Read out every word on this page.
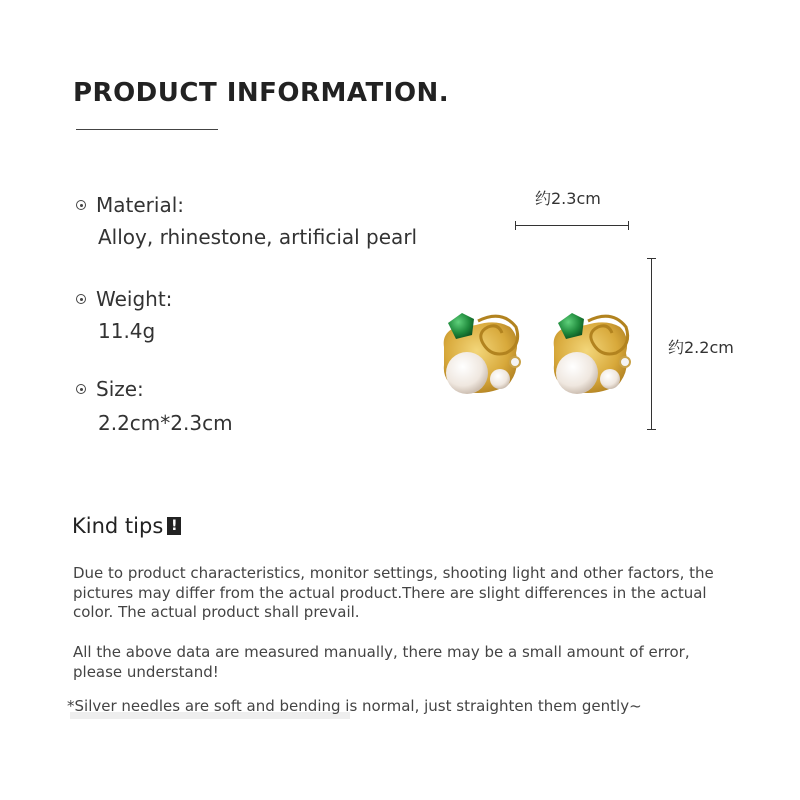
PRODUCT INFORMATION.
Material:
Alloy, rhinestone, artificial pearl
Weight:
11.4g
Size:
2.2cm*2.3cm
约2.3cm
约2.2cm
Kind tips !
Due to product characteristics, monitor settings, shooting light and other factors, the pictures may differ from the actual product.There are slight differences in the actual color. The actual product shall prevail.
All the above data are measured manually, there may be a small amount of error, please understand!
*Silver needles are soft and bending is normal, just straighten them gently~
